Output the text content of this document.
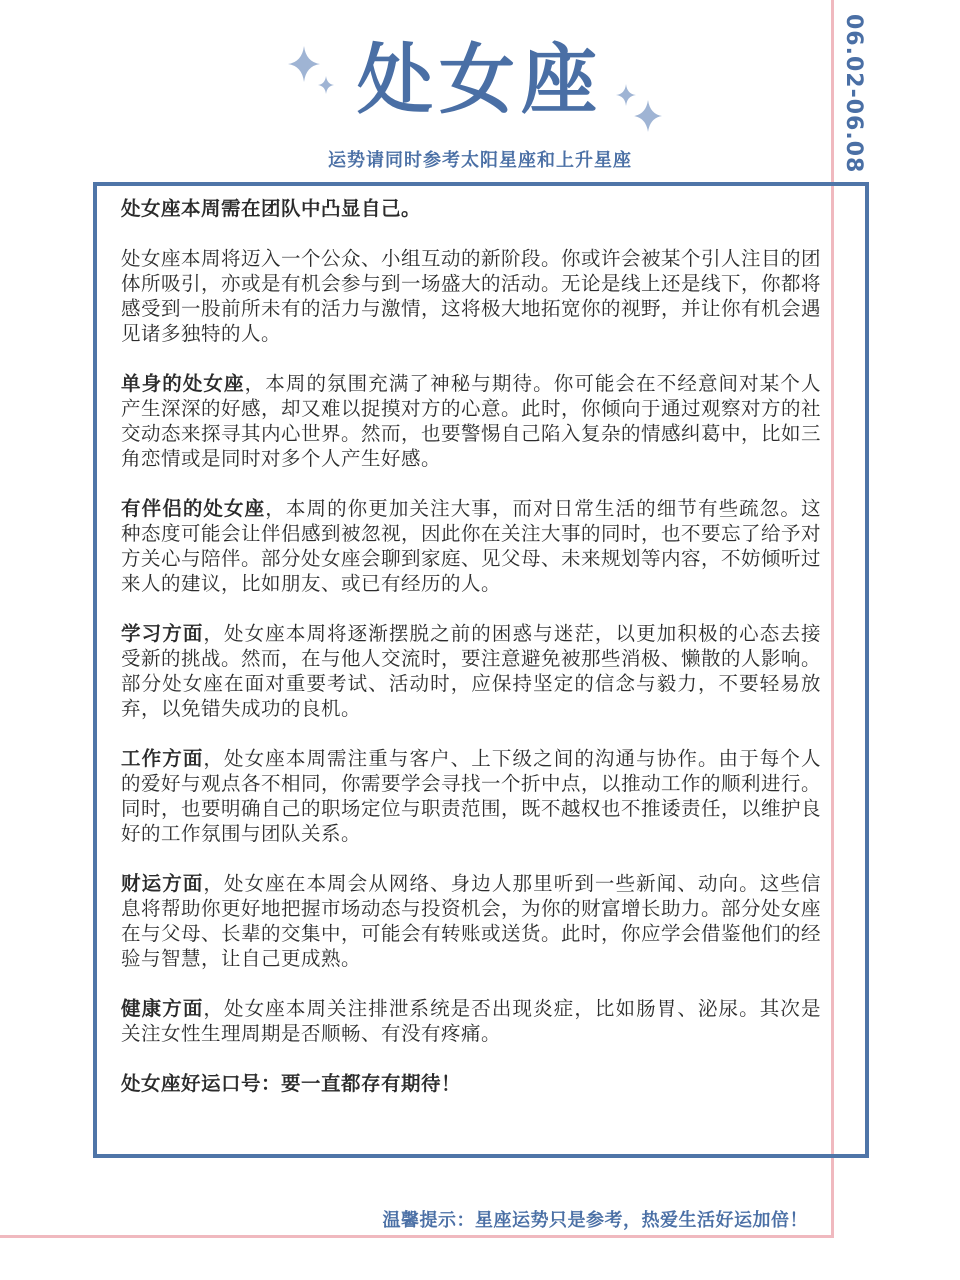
06.02-06.08
处女座
运势请同时参考太阳星座和上升星座

处女座本周需在团队中凸显自己。

处女座本周将迈入一个公众、小组互动的新阶段。你或许会被某个引人注目的团体所吸引，亦或是有机会参与到一场盛大的活动。无论是线上还是线下，你都将感受到一股前所未有的活力与激情，这将极大地拓宽你的视野，并让你有机会遇见诸多独特的人。

单身的处女座，本周的氛围充满了神秘与期待。你可能会在不经意间对某个人产生深深的好感，却又难以捉摸对方的心意。此时，你倾向于通过观察对方的社交动态来探寻其内心世界。然而，也要警惕自己陷入复杂的情感纠葛中，比如三角恋情或是同时对多个人产生好感。

有伴侣的处女座，本周的你更加关注大事，而对日常生活的细节有些疏忽。这种态度可能会让伴侣感到被忽视，因此你在关注大事的同时，也不要忘了给予对方关心与陪伴。部分处女座会聊到家庭、见父母、未来规划等内容，不妨倾听过来人的建议，比如朋友、或已有经历的人。

学习方面，处女座本周将逐渐摆脱之前的困惑与迷茫，以更加积极的心态去接受新的挑战。然而，在与他人交流时，要注意避免被那些消极、懒散的人影响。部分处女座在面对重要考试、活动时，应保持坚定的信念与毅力，不要轻易放弃，以免错失成功的良机。

工作方面，处女座本周需注重与客户、上下级之间的沟通与协作。由于每个人的爱好与观点各不相同，你需要学会寻找一个折中点，以推动工作的顺利进行。同时，也要明确自己的职场定位与职责范围，既不越权也不推诿责任，以维护良好的工作氛围与团队关系。

财运方面，处女座在本周会从网络、身边人那里听到一些新闻、动向。这些信息将帮助你更好地把握市场动态与投资机会，为你的财富增长助力。部分处女座在与父母、长辈的交集中，可能会有转账或送货。此时，你应学会借鉴他们的经验与智慧，让自己更成熟。

健康方面，处女座本周关注排泄系统是否出现炎症，比如肠胃、泌尿。其次是关注女性生理周期是否顺畅、有没有疼痛。

处女座好运口号：要一直都存有期待！

温馨提示：星座运势只是参考，热爱生活好运加倍！
